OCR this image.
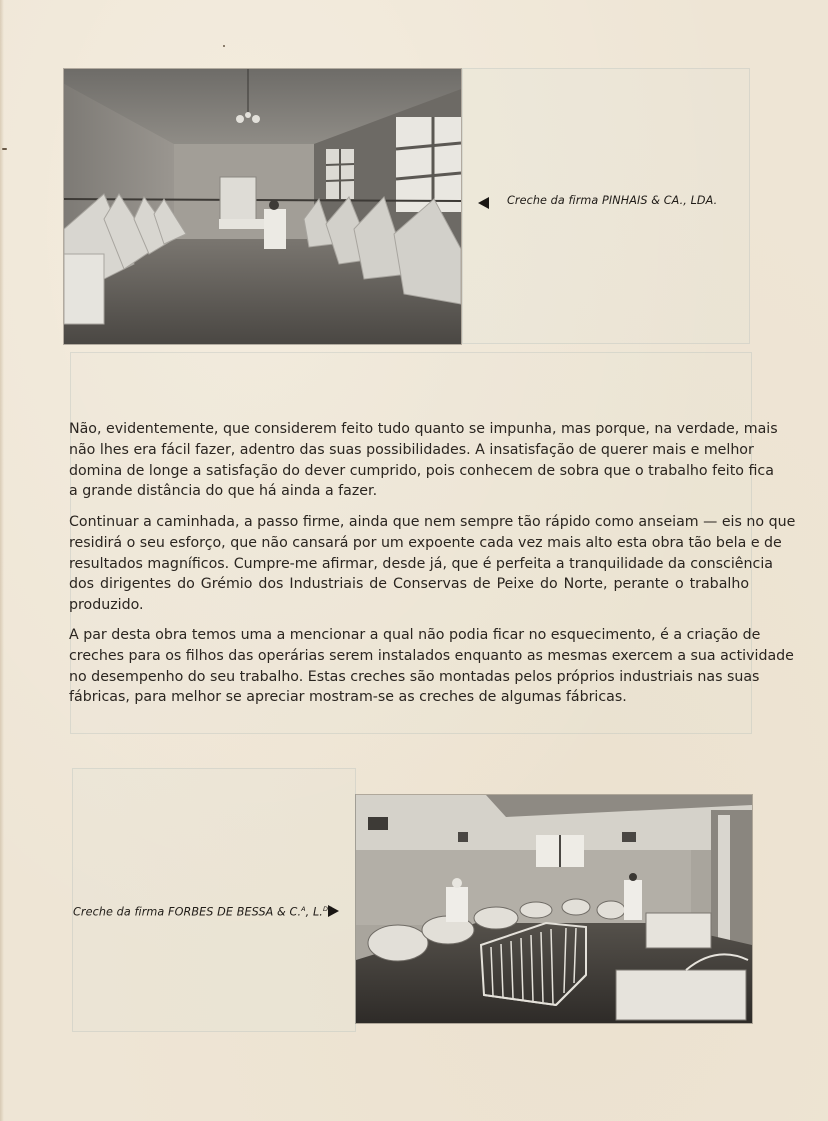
Creche da firma PINHAIS & CA., LDA.

Não, evidentemente, que considerem feito tudo quanto se impunha, mas porque, na verdade, mais
não lhes era fácil fazer, adentro das suas possibilidades. A insatisfação de querer mais e melhor
domina de longe a satisfação do dever cumprido, pois conhecem de sobra que o trabalho feito fica
a grande distância do que há ainda a fazer.

Continuar a caminhada, a passo firme, ainda que nem sempre tão rápido como anseiam — eis no que
residirá o seu esforço, que não cansará por um expoente cada vez mais alto esta obra tão bela e de
resultados magníficos. Cumpre-me afirmar, desde já, que é perfeita a tranquilidade da consciência
dos dirigentes do Grémio dos Industriais de Conservas de Peixe do Norte, perante o trabalho
produzido.

A par desta obra temos uma a mencionar a qual não podia ficar no esquecimento, é a criação de
creches para os filhos das operárias serem instalados enquanto as mesmas exercem a sua actividade
no desempenho do seu trabalho. Estas creches são montadas pelos próprios industriais nas suas
fábricas, para melhor se apreciar mostram-se as creches de algumas fábricas.

Creche da firma FORBES DE BESSA & C.$^A$, L.$^{DA}$
